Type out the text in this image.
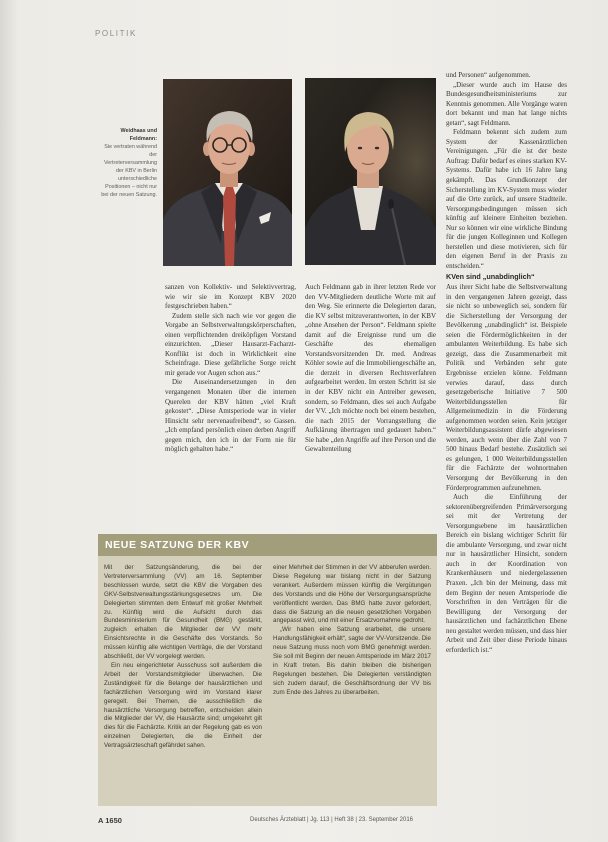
POLITIK
Weidhaas und Feldmann:
Sie vertraten während der Vertreterversammlung der KBV in Berlin unterschiedliche Positionen – nicht nur bei der neuen Satzung.

sanzen von Kollektiv- und Selektivvertrag, wie wir sie im Konzept KBV 2020 festgeschrieben haben.“

Zudem stelle sich nach wie vor gegen die Vorgabe an Selbstverwaltungskörperschaften, einen verpflichtenden dreiköpfigen Vorstand einzurichten. „Dieser Hausarzt-Facharzt-Konflikt ist doch in Wirklichkeit eine Scheinfrage. Diese gefährliche Sorge reicht mir gerade vor Augen schon aus.“

Die Auseinandersetzungen in den vergangenen Monaten über die internen Querelen der KBV hätten „viel Kraft gekostet“. „Diese Amtsperiode war in vieler Hinsicht sehr nervenaufreibend“, so Gassen. „Ich empfand persönlich einen derben Angriff gegen mich, den ich in der Form nie für möglich gehalten habe.“

Auch Feldmann gab in ihrer letzten Rede vor den VV-Mitgliedern deutliche Worte mit auf den Weg. Sie erinnerte die Delegierten daran, die KV selbst mitzuverantworten, in der KBV „ohne Ansehen der Person“. Feldmann spielte damit auf die Ereignisse rund um die Geschäfte des ehemaligen Vorstandsvorsitzenden Dr. med. Andreas Köhler sowie auf die Immobiliengeschäfte an, die derzeit in diversen Rechtsverfahren aufgearbeitet werden. Im ersten Schritt ist sie in der KBV nicht ein Antreiber gewesen, sondern, so Feldmann, dies sei auch Aufgabe der VV. „Ich möchte noch bei einem bestehen, die nach 2015 der Vorrangstellung die Aufklärung übertragen und gedauert haben.“ Sie habe „den Angriffe auf ihre Person und die Gewaltenteilung

und Personen“ aufgenommen.

„Dieser wurde auch im Hause des Bundesgesundheitsministeriums zur Kenntnis genommen. Alle Vorgänge waren dort bekannt und man hat lange nichts getan“, sagt Feldmann.

Feldmann bekennt sich zudem zum System der Kassenärztlichen Vereinigungen. „Für die ist der beste Auftrag: Dafür bedarf es eines starken KV-Systems. Dafür habe ich 16 Jahre lang gekämpft. Das Grundkonzept der Sicherstellung im KV-System muss wieder auf die Orte zurück, auf unsere Stadtteile. Versorgungsbedingungen müssen sich künftig auf kleinere Einheiten beziehen. Nur so können wir eine wirkliche Bindung für die jungen Kolleginnen und Kollegen herstellen und diese motivieren, sich für den eigenen Beruf in der Praxis zu entscheiden.“

KVen sind „unabdinglich“

Aus ihrer Sicht habe die Selbstverwaltung in den vergangenen Jahren gezeigt, dass sie nicht so unbeweglich sei, sondern für die Sicherstellung der Versorgung der Bevölkerung „unabdinglich“ ist. Beispiele seien die Fördermöglichkeiten in der ambulanten Weiterbildung. Es habe sich gezeigt, dass die Zusammenarbeit mit Politik und Verbänden sehr gute Ergebnisse erzielen könne. Feldmann verwies darauf, dass durch gesetzgeberische Initiative 7 500 Weiterbildungsstellen für Allgemeinmedizin in die Förderung aufgenommen worden seien. Kein jetziger Weiterbildungsassistent dürfe abgewiesen werden, auch wenn über die Zahl von 7 500 hinaus Bedarf bestehe. Zusätzlich sei es gelungen, 1 000 Weiterbildungsstellen für die Fachärzte der wohnortnahen Versorgung der Bevölkerung in den Förderprogrammen aufzunehmen.

Auch die Einführung der sektorenübergreifenden Primärversorgung sei mit der Vertretung der Versorgungsebene im hausärztlichen Bereich ein bislang wichtiger Schritt für die ambulante Versorgung, und zwar nicht nur in hausärztlicher Hinsicht, sondern auch in der Koordination von Krankenhäusern und niedergelassenen Praxen. „Ich bin der Meinung, dass mit dem Beginn der neuen Amtsperiode die Vorschriften in den Verträgen für die Bewilligung der Versorgung der hausärztlichen und fachärztlichen Ebene neu gestaltet werden müssen, und dass hier Arbeit und Zeit über diese Periode hinaus erforderlich ist.“

NEUE SATZUNG DER KBV

Mit der Satzungsänderung, die bei der Vertreterversammlung (VV) am 16. September beschlossen wurde, setzt die KBV die Vorgaben des GKV-Selbstverwaltungsstärkungsgesetzes um. Die Delegierten stimmten dem Entwurf mit großer Mehrheit zu. Künftig wird die Aufsicht durch das Bundesministerium für Gesundheit (BMG) gestärkt, zugleich erhalten die Mitglieder der VV mehr Einsichtsrechte in die Geschäfte des Vorstands. So müssen künftig alle wichtigen Verträge, die der Vorstand abschließt, der VV vorgelegt werden.

Ein neu eingerichteter Ausschuss soll außerdem die Arbeit der Vorstandsmitglieder überwachen. Die Zuständigkeit für die Belange der hausärztlichen und fachärztlichen Versorgung wird im Vorstand klarer geregelt. Bei Themen, die ausschließlich die hausärztliche Versorgung betreffen, entscheiden allein die Mitglieder der VV, die Hausärzte sind; umgekehrt gilt dies für die Fachärzte. Kritik an der Regelung gab es von einzelnen Delegierten, die die Einheit der Vertragsärzteschaft gefährdet sahen.

einer Mehrheit der Stimmen in der VV abberufen werden. Diese Regelung war bislang nicht in der Satzung verankert. Außerdem müssen künftig die Vergütungen des Vorstands und die Höhe der Versorgungsansprüche veröffentlicht werden. Das BMG hatte zuvor gefordert, dass die Satzung an die neuen gesetzlichen Vorgaben angepasst wird, und mit einer Ersatzvornahme gedroht.

„Wir haben eine Satzung erarbeitet, die unsere Handlungsfähigkeit erhält“, sagte der VV-Vorsitzende. Die neue Satzung muss noch vom BMG genehmigt werden. Sie soll mit Beginn der neuen Amtsperiode im März 2017 in Kraft treten. Bis dahin bleiben die bisherigen Regelungen bestehen. Die Delegierten verständigten sich zudem darauf, die Geschäftsordnung der VV bis zum Ende des Jahres zu überarbeiten.

A 1650	Deutsches Ärzteblatt | Jg. 113 | Heft 38 | 23. September 2016
